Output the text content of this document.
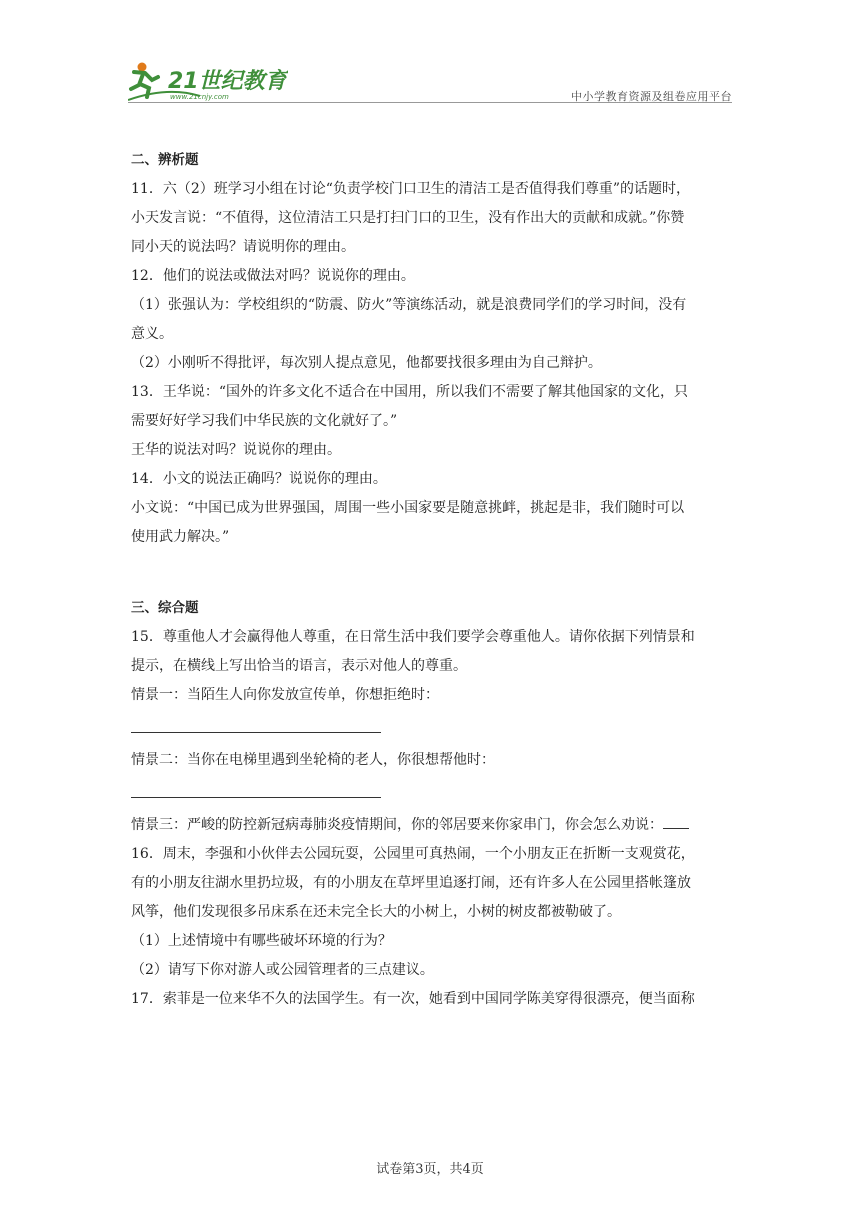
21世纪教育
www.21cnjy.com	中小学教育资源及组卷应用平台
二、辨析题
11．六（2）班学习小组在讨论“负责学校门口卫生的清洁工是否值得我们尊重”的话题时，
小天发言说：“不值得，这位清洁工只是打扫门口的卫生，没有作出大的贡献和成就。”你赞
同小天的说法吗？请说明你的理由。
12．他们的说法或做法对吗？说说你的理由。
（1）张强认为：学校组织的“防震、防火”等演练活动，就是浪费同学们的学习时间，没有
意义。
（2）小刚听不得批评，每次别人提点意见，他都要找很多理由为自己辩护。
13．王华说：“国外的许多文化不适合在中国用，所以我们不需要了解其他国家的文化，只
需要好好学习我们中华民族的文化就好了。”
王华的说法对吗？说说你的理由。
14．小文的说法正确吗？说说你的理由。
小文说：“中国已成为世界强国，周围一些小国家要是随意挑衅，挑起是非，我们随时可以
使用武力解决。”
三、综合题
15．尊重他人才会赢得他人尊重，在日常生活中我们要学会尊重他人。请你依据下列情景和
提示，在横线上写出恰当的语言，表示对他人的尊重。
情景一：当陌生人向你发放宣传单，你想拒绝时：
情景二：当你在电梯里遇到坐轮椅的老人，你很想帮他时：
情景三：严峻的防控新冠病毒肺炎疫情期间，你的邻居要来你家串门，你会怎么劝说：
16．周末，李强和小伙伴去公园玩耍，公园里可真热闹，一个小朋友正在折断一支观赏花，
有的小朋友往湖水里扔垃圾，有的小朋友在草坪里追逐打闹，还有许多人在公园里搭帐篷放
风筝，他们发现很多吊床系在还未完全长大的小树上，小树的树皮都被勒破了。
（1）上述情境中有哪些破坏环境的行为？
（2）请写下你对游人或公园管理者的三点建议。
17．索菲是一位来华不久的法国学生。有一次，她看到中国同学陈美穿得很漂亮，便当面称
试卷第3页，共4页
